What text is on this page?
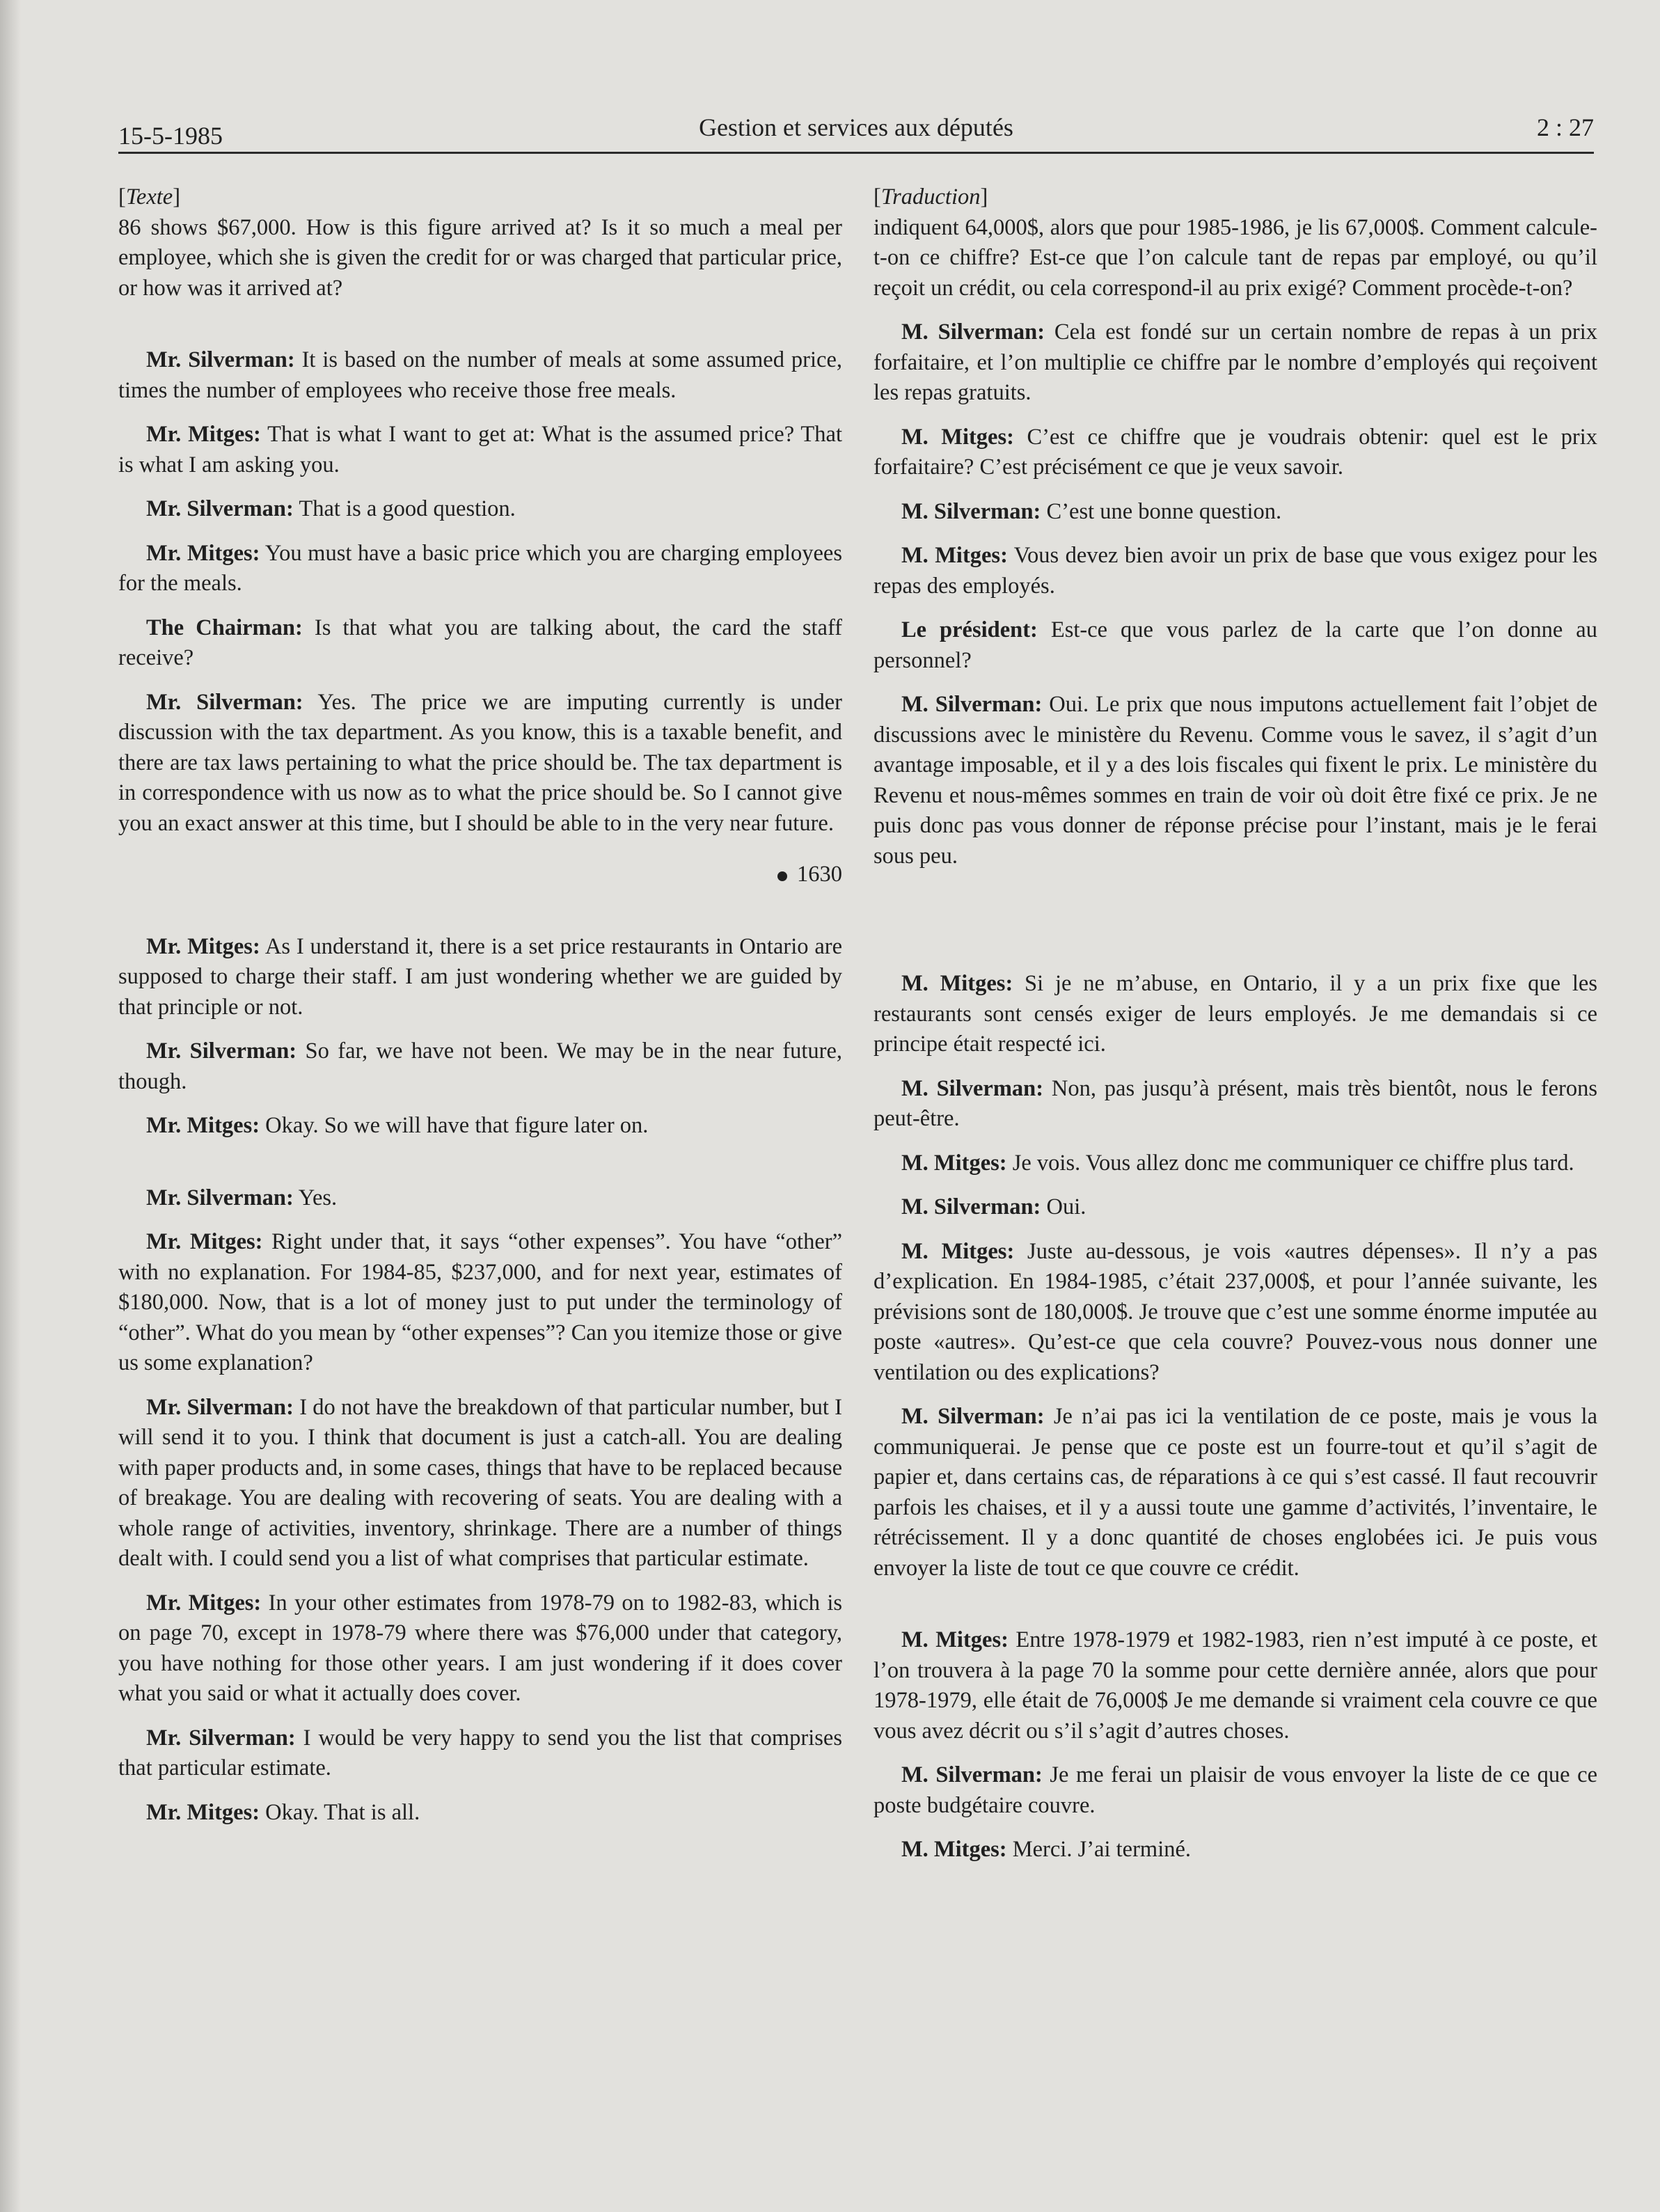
15-5-1985	Gestion et services aux députés	2 : 27

[Texte]

86 shows $67,000. How is this figure arrived at? Is it so much a meal per employee, which she is given the credit for or was charged that particular price, or how was it arrived at?

Mr. Silverman: It is based on the number of meals at some assumed price, times the number of employees who receive those free meals.

Mr. Mitges: That is what I want to get at: What is the assumed price? That is what I am asking you.

Mr. Silverman: That is a good question.

Mr. Mitges: You must have a basic price which you are charging employees for the meals.

The Chairman: Is that what you are talking about, the card the staff receive?

Mr. Silverman: Yes. The price we are imputing currently is under discussion with the tax department. As you know, this is a taxable benefit, and there are tax laws pertaining to what the price should be. The tax department is in correspondence with us now as to what the price should be. So I cannot give you an exact answer at this time, but I should be able to in the very near future.

1630

Mr. Mitges: As I understand it, there is a set price restaurants in Ontario are supposed to charge their staff. I am just wondering whether we are guided by that principle or not.

Mr. Silverman: So far, we have not been. We may be in the near future, though.

Mr. Mitges: Okay. So we will have that figure later on.

Mr. Silverman: Yes.

Mr. Mitges: Right under that, it says “other expenses”. You have “other” with no explanation. For 1984-85, $237,000, and for next year, estimates of $180,000. Now, that is a lot of money just to put under the terminology of “other”. What do you mean by “other expenses”? Can you itemize those or give us some explanation?

Mr. Silverman: I do not have the breakdown of that particular number, but I will send it to you. I think that document is just a catch-all. You are dealing with paper products and, in some cases, things that have to be replaced because of breakage. You are dealing with recovering of seats. You are dealing with a whole range of activities, inventory, shrinkage. There are a number of things dealt with. I could send you a list of what comprises that particular estimate.

Mr. Mitges: In your other estimates from 1978-79 on to 1982-83, which is on page 70, except in 1978-79 where there was $76,000 under that category, you have nothing for those other years. I am just wondering if it does cover what you said or what it actually does cover.

Mr. Silverman: I would be very happy to send you the list that comprises that particular estimate.

Mr. Mitges: Okay. That is all.

[Traduction]

indiquent 64,000$, alors que pour 1985-1986, je lis 67,000$. Comment calcule-t-on ce chiffre? Est-ce que l’on calcule tant de repas par employé, ou qu’il reçoit un crédit, ou cela correspond-il au prix exigé? Comment procède-t-on?

M. Silverman: Cela est fondé sur un certain nombre de repas à un prix forfaitaire, et l’on multiplie ce chiffre par le nombre d’employés qui reçoivent les repas gratuits.

M. Mitges: C’est ce chiffre que je voudrais obtenir: quel est le prix forfaitaire? C’est précisément ce que je veux savoir.

M. Silverman: C’est une bonne question.

M. Mitges: Vous devez bien avoir un prix de base que vous exigez pour les repas des employés.

Le président: Est-ce que vous parlez de la carte que l’on donne au personnel?

M. Silverman: Oui. Le prix que nous imputons actuellement fait l’objet de discussions avec le ministère du Revenu. Comme vous le savez, il s’agit d’un avantage imposable, et il y a des lois fiscales qui fixent le prix. Le ministère du Revenu et nous-mêmes sommes en train de voir où doit être fixé ce prix. Je ne puis donc pas vous donner de réponse précise pour l’instant, mais je le ferai sous peu.

M. Mitges: Si je ne m’abuse, en Ontario, il y a un prix fixe que les restaurants sont censés exiger de leurs employés. Je me demandais si ce principe était respecté ici.

M. Silverman: Non, pas jusqu’à présent, mais très bientôt, nous le ferons peut-être.

M. Mitges: Je vois. Vous allez donc me communiquer ce chiffre plus tard.

M. Silverman: Oui.

M. Mitges: Juste au-dessous, je vois «autres dépenses». Il n’y a pas d’explication. En 1984-1985, c’était 237,000$, et pour l’année suivante, les prévisions sont de 180,000$. Je trouve que c’est une somme énorme imputée au poste «autres». Qu’est-ce que cela couvre? Pouvez-vous nous donner une ventilation ou des explications?

M. Silverman: Je n’ai pas ici la ventilation de ce poste, mais je vous la communiquerai. Je pense que ce poste est un fourre-tout et qu’il s’agit de papier et, dans certains cas, de réparations à ce qui s’est cassé. Il faut recouvrir parfois les chaises, et il y a aussi toute une gamme d’activités, l’inventaire, le rétrécissement. Il y a donc quantité de choses englobées ici. Je puis vous envoyer la liste de tout ce que couvre ce crédit.

M. Mitges: Entre 1978-1979 et 1982-1983, rien n’est imputé à ce poste, et l’on trouvera à la page 70 la somme pour cette dernière année, alors que pour 1978-1979, elle était de 76,000$ Je me demande si vraiment cela couvre ce que vous avez décrit ou s’il s’agit d’autres choses.

M. Silverman: Je me ferai un plaisir de vous envoyer la liste de ce que ce poste budgétaire couvre.

M. Mitges: Merci. J’ai terminé.
